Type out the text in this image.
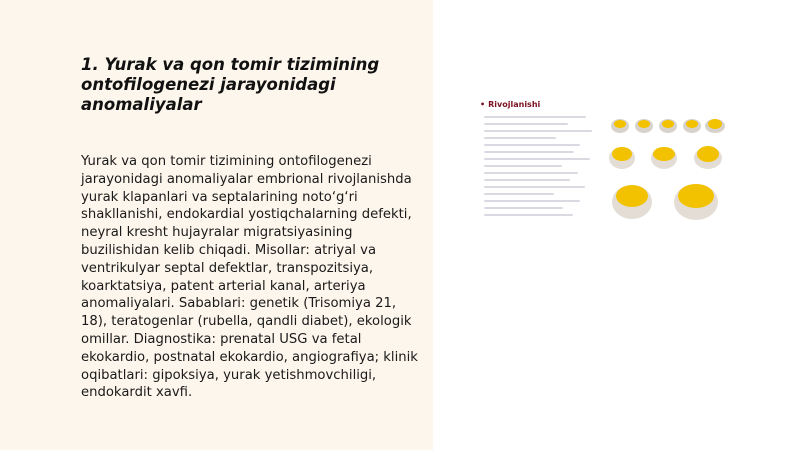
1. Yurak va qon tomir tizimining ontofilogenezi jarayonidagi anomaliyalar

Yurak va qon tomir tizimining ontofilogenezi jarayonidagi anomaliyalar embrional rivojlanishda yurak klapanlari va septalarining noto‘g‘ri shakllanishi, endokardial yostiqchalarning defekti, neyral kresht hujayralar migratsiyasining buzilishidan kelib chiqadi. Misollar: atriyal va ventrikulyar septal defektlar, transpozitsiya, koarktatsiya, patent arterial kanal, arteriya anomaliyalari. Sabablari: genetik (Trisomiya 21, 18), teratogenlar (rubella, qandli diabet), ekologik omillar. Diagnostika: prenatal USG va fetal ekokardio, postnatal ekokardio, angiografiya; klinik oqibatlari: gipoksiya, yurak yetishmovchiligi, endokardit xavfi.

• Rivojlanishi
